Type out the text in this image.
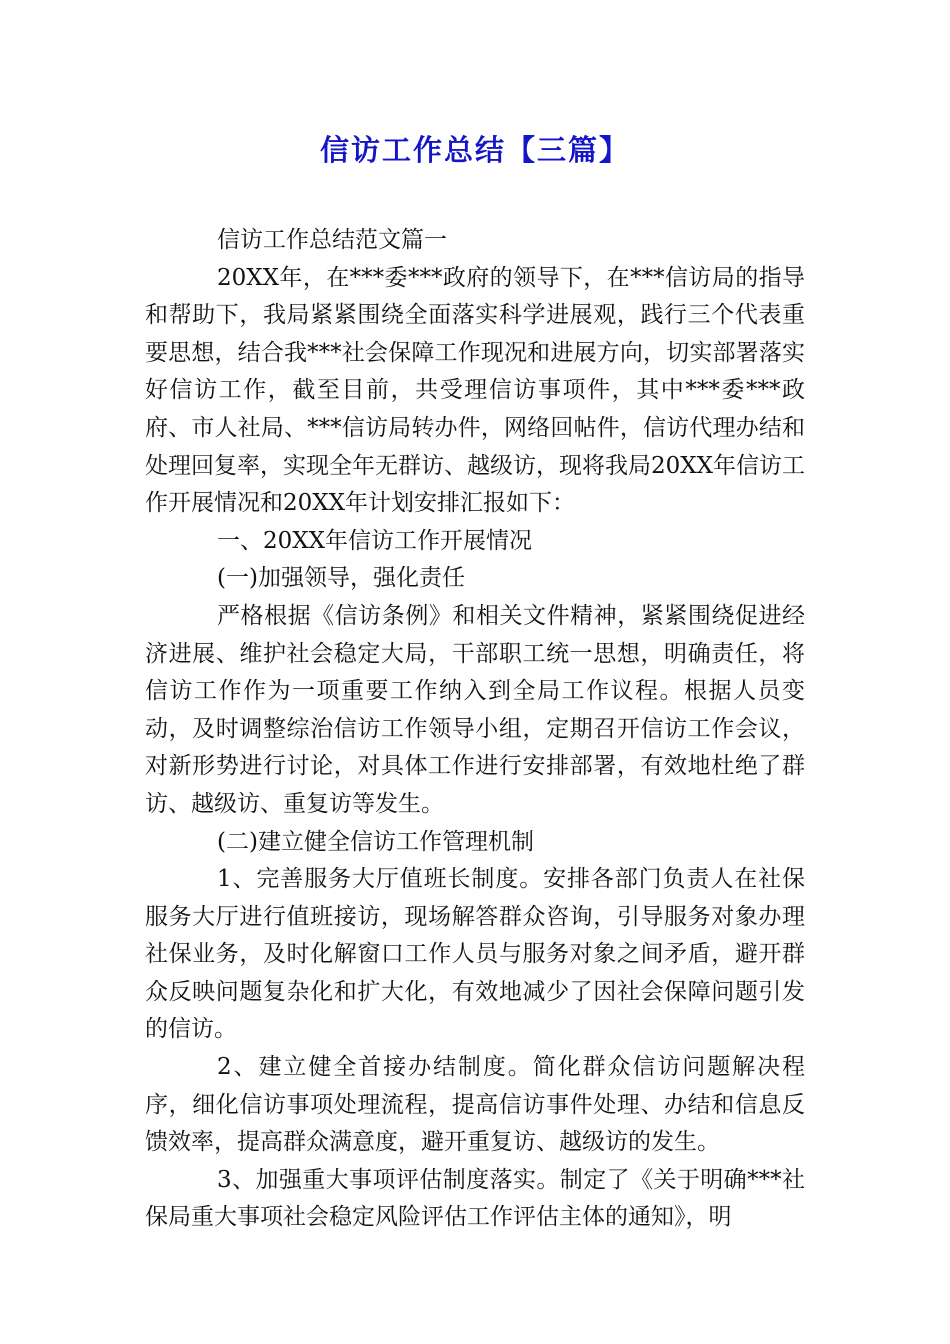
信访工作总结【三篇】

信访工作总结范文篇一

20XX年，在***委***政府的领导下，在***信访局的指导和帮助下，我局紧紧围绕全面落实科学进展观，践行三个代表重要思想，结合我***社会保障工作现况和进展方向，切实部署落实好信访工作，截至目前，共受理信访事项件，其中***委***政府、市人社局、***信访局转办件，网络回帖件，信访代理办结和处理回复率，实现全年无群访、越级访，现将我局20XX年信访工作开展情况和20XX年计划安排汇报如下：

一、20XX年信访工作开展情况

(一)加强领导，强化责任

严格根据《信访条例》和相关文件精神，紧紧围绕促进经济进展、维护社会稳定大局，干部职工统一思想，明确责任，将信访工作作为一项重要工作纳入到全局工作议程。根据人员变动，及时调整综治信访工作领导小组，定期召开信访工作会议，对新形势进行讨论，对具体工作进行安排部署，有效地杜绝了群访、越级访、重复访等发生。

(二)建立健全信访工作管理机制

1、完善服务大厅值班长制度。安排各部门负责人在社保服务大厅进行值班接访，现场解答群众咨询，引导服务对象办理社保业务，及时化解窗口工作人员与服务对象之间矛盾，避开群众反映问题复杂化和扩大化，有效地减少了因社会保障问题引发的信访。

2、建立健全首接办结制度。简化群众信访问题解决程序，细化信访事项处理流程，提高信访事件处理、办结和信息反馈效率，提高群众满意度，避开重复访、越级访的发生。

3、加强重大事项评估制度落实。制定了《关于明确***社保局重大事项社会稳定风险评估工作评估主体的通知》，明
